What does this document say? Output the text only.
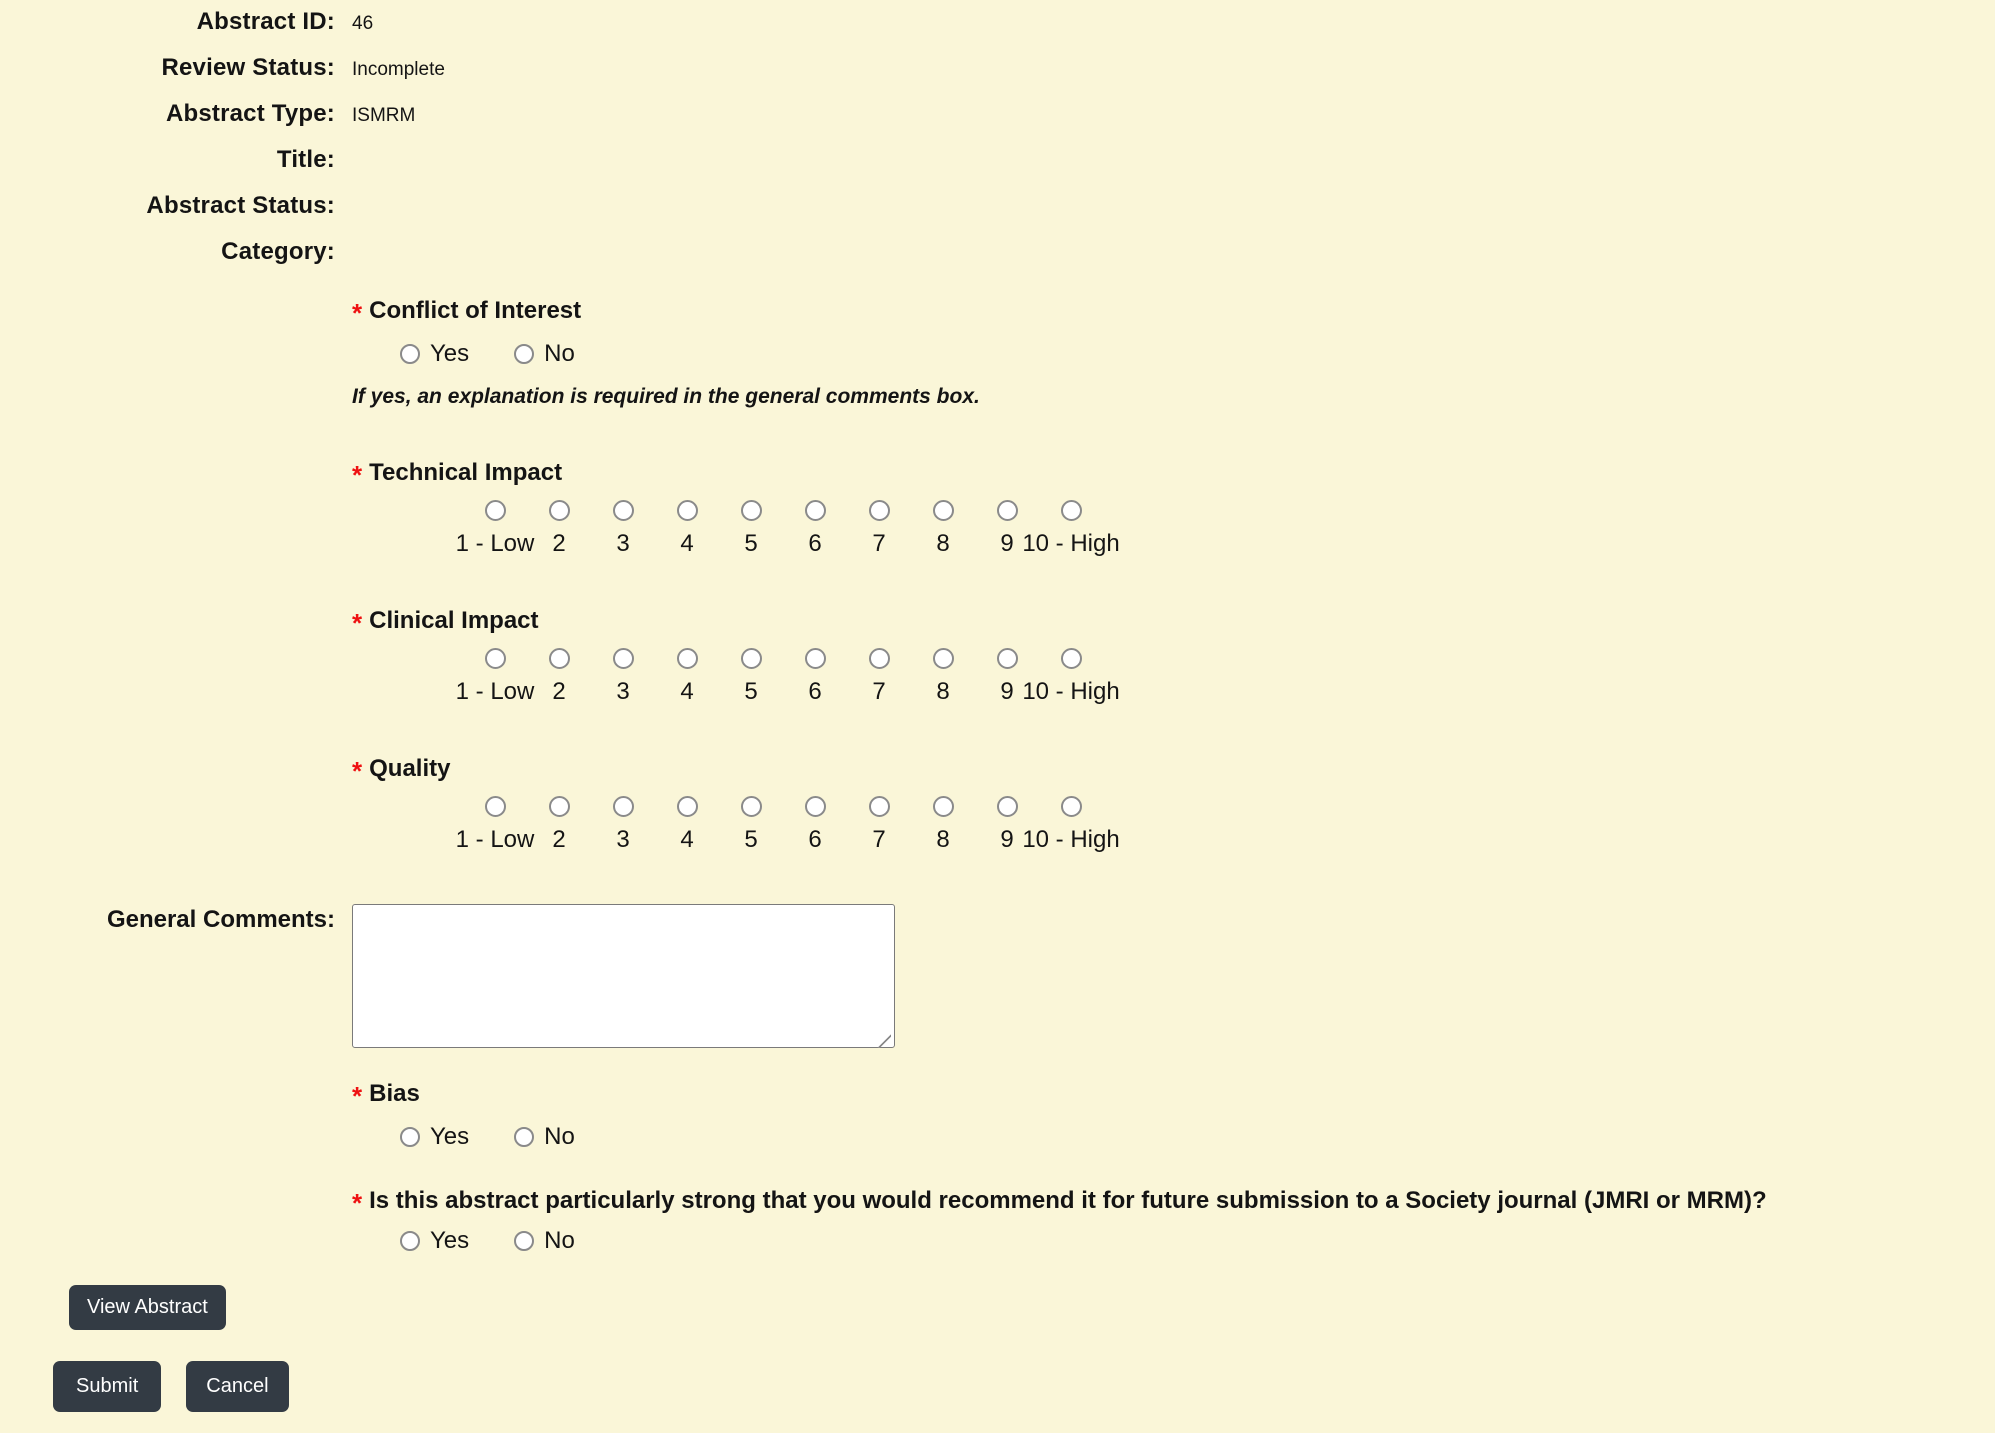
Abstract ID: 46
Review Status: Incomplete
Abstract Type: ISMRM
Title:
Abstract Status:
Category:
* Conflict of Interest
Yes	No
If yes, an explanation is required in the general comments box.
* Technical Impact
1 - Low 2 3 4 5 6 7 8 9 10 - High
* Clinical Impact
1 - Low 2 3 4 5 6 7 8 9 10 - High
* Quality
1 - Low 2 3 4 5 6 7 8 9 10 - High
General Comments:
* Bias
Yes	No
* Is this abstract particularly strong that you would recommend it for future submission to a Society journal (JMRI or MRM)?
Yes	No
View Abstract
Submit	Cancel
